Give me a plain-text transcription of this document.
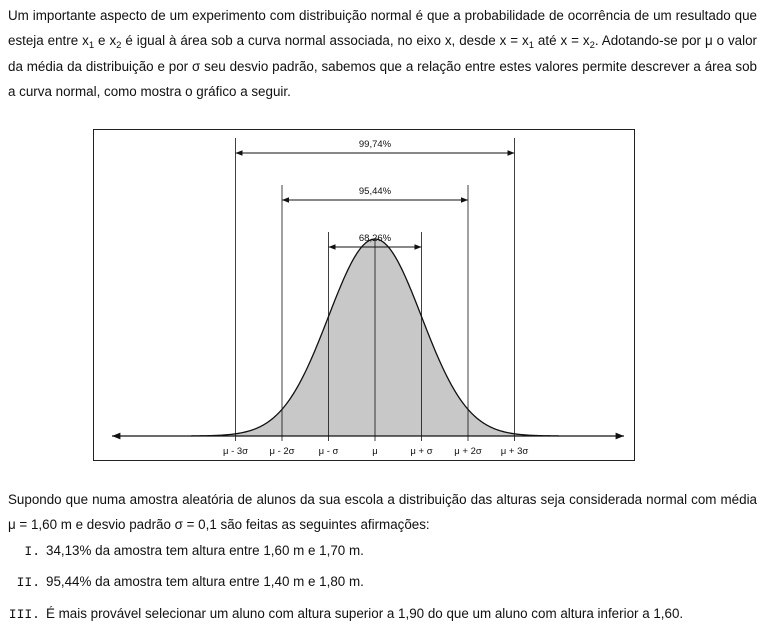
Um importante aspecto de um experimento com distribuição normal é que a probabilidade de ocorrência de um resultado que esteja entre $x_1$ e $x_2$ é igual à área sob a curva normal associada, no eixo x, desde $x = x_1$ até $x = x_2$. Adotando-se por μ o valor da média da distribuição e por σ seu desvio padrão, sabemos que a relação entre estes valores permite descrever a área sob a curva normal, como mostra o gráfico a seguir.

μ - 3σ μ - 2σ	μ - σ	μ	μ + σ μ + 2σ μ + 3σ
68,26%
95,44%
99,74%

Supondo que numa amostra aleatória de alunos da sua escola a distribuição das alturas seja considerada normal com média μ = 1,60 m e desvio padrão σ = 0,1 são feitas as seguintes afirmações:

I. 34,13% da amostra tem altura entre 1,60 m e 1,70 m.
II. 95,44% da amostra tem altura entre 1,40 m e 1,80 m.
III. É mais provável selecionar um aluno com altura superior a 1,90 do que um aluno com altura inferior a 1,60.
